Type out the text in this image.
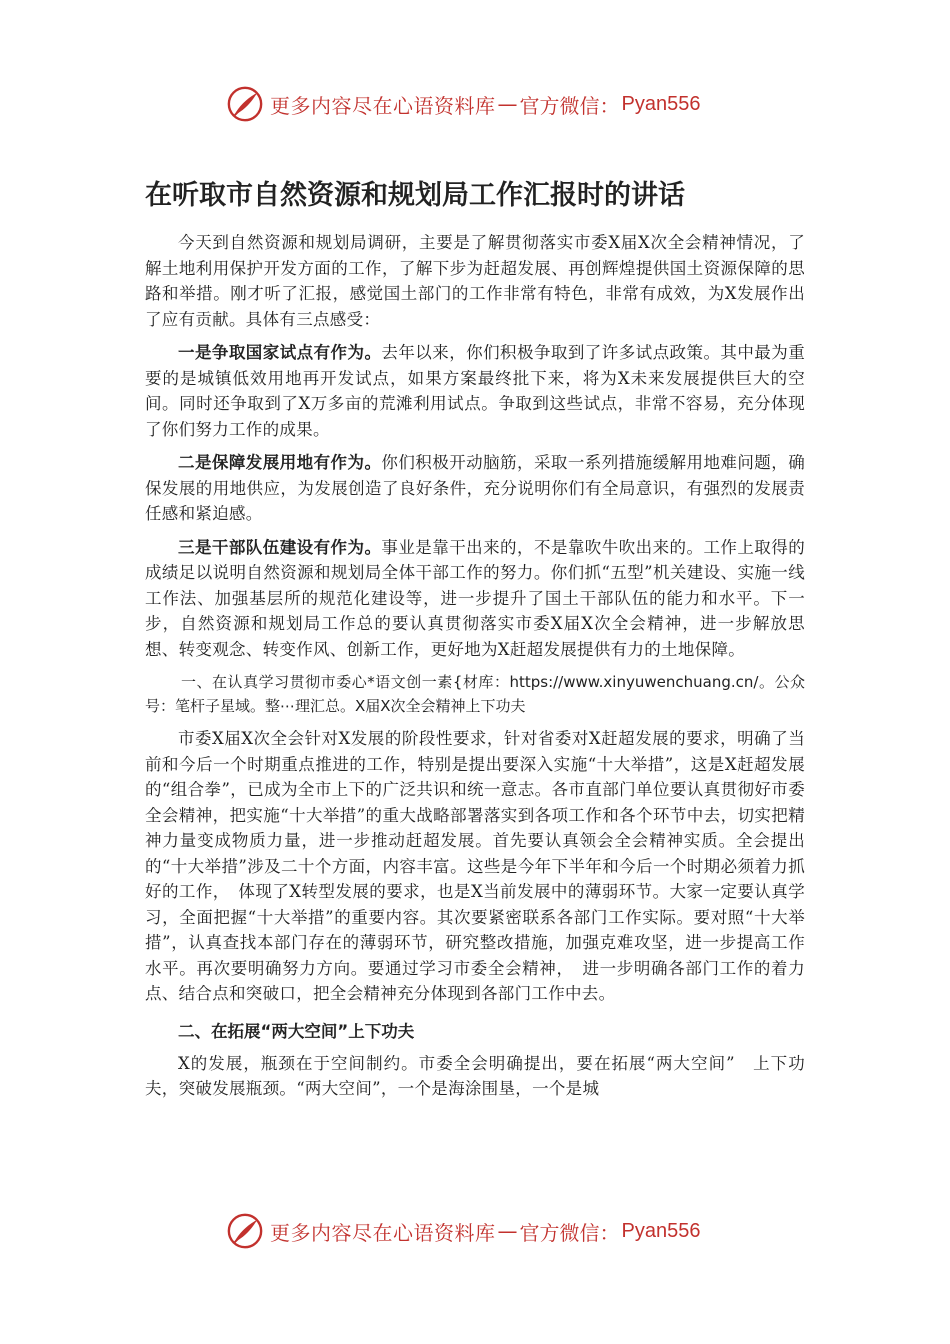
更多内容尽在心语资料库 — 官方微信： Pyan556
在听取市自然资源和规划局工作汇报时的讲话

今天到自然资源和规划局调研，主要是了解贯彻落实市委X届X次全会精神情况，了解土地利用保护开发方面的工作，了解下步为赶超发展、再创辉煌提供国土资源保障的思路和举措。刚才听了汇报，感觉国土部门的工作非常有特色，非常有成效，为X发展作出了应有贡献。具体有三点感受：

一是争取国家试点有作为。去年以来，你们积极争取到了许多试点政策。其中最为重要的是城镇低效用地再开发试点，如果方案最终批下来，将为X未来发展提供巨大的空间。同时还争取到了X万多亩的荒滩利用试点。争取到这些试点，非常不容易，充分体现了你们努力工作的成果。

二是保障发展用地有作为。你们积极开动脑筋，采取一系列措施缓解用地难问题，确保发展的用地供应，为发展创造了良好条件，充分说明你们有全局意识，有强烈的发展责任感和紧迫感。

三是干部队伍建设有作为。事业是靠干出来的，不是靠吹牛吹出来的。工作上取得的成绩足以说明自然资源和规划局全体干部工作的努力。你们抓“五型”机关建设、实施一线工作法、加强基层所的规范化建设等，进一步提升了国土干部队伍的能力和水平。下一步，自然资源和规划局工作总的要认真贯彻落实市委X届X次全会精神，进一步解放思想、转变观念、转变作风、创新工作，更好地为X赶超发展提供有力的土地保障。

一、在认真学习贯彻市委心*语文创一素{材库：https://www.xinyuwenchuang.cn/。公众号：笔杆子星域。整⋯理汇总。X届X次全会精神上下功夫

市委X届X次全会针对X发展的阶段性要求，针对省委对X赶超发展的要求，明确了当前和今后一个时期重点推进的工作，特别是提出要深入实施“十大举措”，这是X赶超发展的“组合拳”，已成为全市上下的广泛共识和统一意志。各市直部门单位要认真贯彻好市委全会精神，把实施“十大举措”的重大战略部署落实到各项工作和各个环节中去，切实把精神力量变成物质力量，进一步推动赶超发展。首先要认真领会全会精神实质。全会提出的“十大举措”涉及二十个方面，内容丰富。这些是今年下半年和今后一个时期必须着力抓好的工作，　体现了X转型发展的要求，也是X当前发展中的薄弱环节。大家一定要认真学习，全面把握“十大举措”的重要内容。其次要紧密联系各部门工作实际。要对照“十大举措”，认真查找本部门存在的薄弱环节，研究整改措施，加强克难攻坚，进一步提高工作水平。再次要明确努力方向。要通过学习市委全会精神，　进一步明确各部门工作的着力点、结合点和突破口，把全会精神充分体现到各部门工作中去。

二、在拓展“两大空间”上下功夫

X的发展，瓶颈在于空间制约。市委全会明确提出，要在拓展“两大空间”　上下功夫，突破发展瓶颈。“两大空间”，一个是海涂围垦，一个是城

更多内容尽在心语资料库 — 官方微信： Pyan556
